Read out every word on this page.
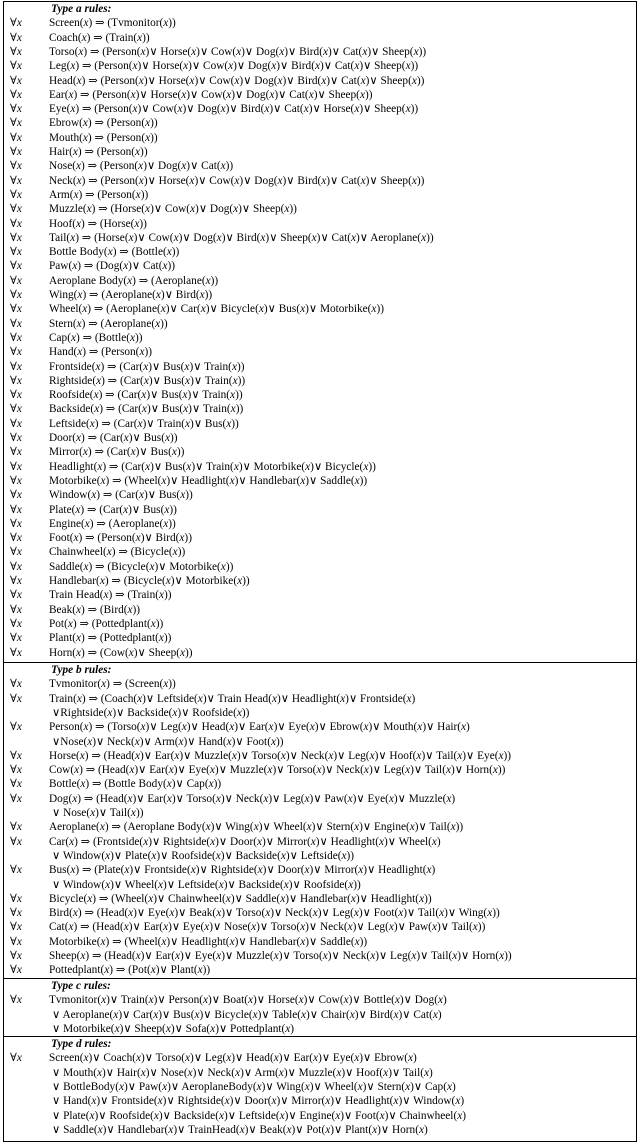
Type a rules:
∀x Screen(x) ⇒ (Tvmonitor(x))
∀x Coach(x) ⇒ (Train(x))
∀x Torso(x) ⇒ (Person(x)∨ Horse(x)∨ Cow(x)∨ Dog(x)∨ Bird(x)∨ Cat(x)∨ Sheep(x))
∀x Leg(x) ⇒ (Person(x)∨ Horse(x)∨ Cow(x)∨ Dog(x)∨ Bird(x)∨ Cat(x)∨ Sheep(x))
∀x Head(x) ⇒ (Person(x)∨ Horse(x)∨ Cow(x)∨ Dog(x)∨ Bird(x)∨ Cat(x)∨ Sheep(x))
∀x Ear(x) ⇒ (Person(x)∨ Horse(x)∨ Cow(x)∨ Dog(x)∨ Cat(x)∨ Sheep(x))
∀x Eye(x) ⇒ (Person(x)∨ Cow(x)∨ Dog(x)∨ Bird(x)∨ Cat(x)∨ Horse(x)∨ Sheep(x))
∀x Ebrow(x) ⇒ (Person(x))
∀x Mouth(x) ⇒ (Person(x))
∀x Hair(x) ⇒ (Person(x))
∀x Nose(x) ⇒ (Person(x)∨ Dog(x)∨ Cat(x))
∀x Neck(x) ⇒ (Person(x)∨ Horse(x)∨ Cow(x)∨ Dog(x)∨ Bird(x)∨ Cat(x)∨ Sheep(x))
∀x Arm(x) ⇒ (Person(x))
∀x Muzzle(x) ⇒ (Horse(x)∨ Cow(x)∨ Dog(x)∨ Sheep(x))
∀x Hoof(x) ⇒ (Horse(x))
∀x Tail(x) ⇒ (Horse(x)∨ Cow(x)∨ Dog(x)∨ Bird(x)∨ Sheep(x)∨ Cat(x)∨ Aeroplane(x))
∀x Bottle Body(x) ⇒ (Bottle(x))
∀x Paw(x) ⇒ (Dog(x)∨ Cat(x))
∀x Aeroplane Body(x) ⇒ (Aeroplane(x))
∀x Wing(x) ⇒ (Aeroplane(x)∨ Bird(x))
∀x Wheel(x) ⇒ (Aeroplane(x)∨ Car(x)∨ Bicycle(x)∨ Bus(x)∨ Motorbike(x))
∀x Stern(x) ⇒ (Aeroplane(x))
∀x Cap(x) ⇒ (Bottle(x))
∀x Hand(x) ⇒ (Person(x))
∀x Frontside(x) ⇒ (Car(x)∨ Bus(x)∨ Train(x))
∀x Rightside(x) ⇒ (Car(x)∨ Bus(x)∨ Train(x))
∀x Roofside(x) ⇒ (Car(x)∨ Bus(x)∨ Train(x))
∀x Backside(x) ⇒ (Car(x)∨ Bus(x)∨ Train(x))
∀x Leftside(x) ⇒ (Car(x)∨ Train(x)∨ Bus(x))
∀x Door(x) ⇒ (Car(x)∨ Bus(x))
∀x Mirror(x) ⇒ (Car(x)∨ Bus(x))
∀x Headlight(x) ⇒ (Car(x)∨ Bus(x)∨ Train(x)∨ Motorbike(x)∨ Bicycle(x))
∀x Motorbike(x) ⇒ (Wheel(x)∨ Headlight(x)∨ Handlebar(x)∨ Saddle(x))
∀x Window(x) ⇒ (Car(x)∨ Bus(x))
∀x Plate(x) ⇒ (Car(x)∨ Bus(x))
∀x Engine(x) ⇒ (Aeroplane(x))
∀x Foot(x) ⇒ (Person(x)∨ Bird(x))
∀x Chainwheel(x) ⇒ (Bicycle(x))
∀x Saddle(x) ⇒ (Bicycle(x)∨ Motorbike(x))
∀x Handlebar(x) ⇒ (Bicycle(x)∨ Motorbike(x))
∀x Train Head(x) ⇒ (Train(x))
∀x Beak(x) ⇒ (Bird(x))
∀x Pot(x) ⇒ (Pottedplant(x))
∀x Plant(x) ⇒ (Pottedplant(x))
∀x Horn(x) ⇒ (Cow(x)∨ Sheep(x))
Type b rules:
∀x Tvmonitor(x) ⇒ (Screen(x))
∀x Train(x) ⇒ (Coach(x)∨ Leftside(x)∨ Train Head(x)∨ Headlight(x)∨ Frontside(x)
∨Rightside(x)∨ Backside(x)∨ Roofside(x))
∀x Person(x) ⇒ (Torso(x)∨ Leg(x)∨ Head(x)∨ Ear(x)∨ Eye(x)∨ Ebrow(x)∨ Mouth(x)∨ Hair(x)
∨Nose(x)∨ Neck(x)∨ Arm(x)∨ Hand(x)∨ Foot(x))
∀x Horse(x) ⇒ (Head(x)∨ Ear(x)∨ Muzzle(x)∨ Torso(x)∨ Neck(x)∨ Leg(x)∨ Hoof(x)∨ Tail(x)∨ Eye(x))
∀x Cow(x) ⇒ (Head(x)∨ Ear(x)∨ Eye(x)∨ Muzzle(x)∨ Torso(x)∨ Neck(x)∨ Leg(x)∨ Tail(x)∨ Horn(x))
∀x Bottle(x) ⇒ (Bottle Body(x)∨ Cap(x))
∀x Dog(x) ⇒ (Head(x)∨ Ear(x)∨ Torso(x)∨ Neck(x)∨ Leg(x)∨ Paw(x)∨ Eye(x)∨ Muzzle(x)
∨ Nose(x)∨ Tail(x))
∀x Aeroplane(x) ⇒ (Aeroplane Body(x)∨ Wing(x)∨ Wheel(x)∨ Stern(x)∨ Engine(x)∨ Tail(x))
∀x Car(x) ⇒ (Frontside(x)∨ Rightside(x)∨ Door(x)∨ Mirror(x)∨ Headlight(x)∨ Wheel(x)
∨ Window(x)∨ Plate(x)∨ Roofside(x)∨ Backside(x)∨ Leftside(x))
∀x Bus(x) ⇒ (Plate(x)∨ Frontside(x)∨ Rightside(x)∨ Door(x)∨ Mirror(x)∨ Headlight(x)
∨ Window(x)∨ Wheel(x)∨ Leftside(x)∨ Backside(x)∨ Roofside(x))
∀x Bicycle(x) ⇒ (Wheel(x)∨ Chainwheel(x)∨ Saddle(x)∨ Handlebar(x)∨ Headlight(x))
∀x Bird(x) ⇒ (Head(x)∨ Eye(x)∨ Beak(x)∨ Torso(x)∨ Neck(x)∨ Leg(x)∨ Foot(x)∨ Tail(x)∨ Wing(x))
∀x Cat(x) ⇒ (Head(x)∨ Ear(x)∨ Eye(x)∨ Nose(x)∨ Torso(x)∨ Neck(x)∨ Leg(x)∨ Paw(x)∨ Tail(x))
∀x Motorbike(x) ⇒ (Wheel(x)∨ Headlight(x)∨ Handlebar(x)∨ Saddle(x))
∀x Sheep(x) ⇒ (Head(x)∨ Ear(x)∨ Eye(x)∨ Muzzle(x)∨ Torso(x)∨ Neck(x)∨ Leg(x)∨ Tail(x)∨ Horn(x))
∀x Pottedplant(x) ⇒ (Pot(x)∨ Plant(x))
Type c rules:
∀x Tvmonitor(x)∨ Train(x)∨ Person(x)∨ Boat(x)∨ Horse(x)∨ Cow(x)∨ Bottle(x)∨ Dog(x)
∨ Aeroplane(x)∨ Car(x)∨ Bus(x)∨ Bicycle(x)∨ Table(x)∨ Chair(x)∨ Bird(x)∨ Cat(x)
∨ Motorbike(x)∨ Sheep(x)∨ Sofa(x)∨ Pottedplant(x)
Type d rules:
∀x Screen(x)∨ Coach(x)∨ Torso(x)∨ Leg(x)∨ Head(x)∨ Ear(x)∨ Eye(x)∨ Ebrow(x)
∨ Mouth(x)∨ Hair(x)∨ Nose(x)∨ Neck(x)∨ Arm(x)∨ Muzzle(x)∨ Hoof(x)∨ Tail(x)
∨ BottleBody(x)∨ Paw(x)∨ AeroplaneBody(x)∨ Wing(x)∨ Wheel(x)∨ Stern(x)∨ Cap(x)
∨ Hand(x)∨ Frontside(x)∨ Rightside(x)∨ Door(x)∨ Mirror(x)∨ Headlight(x)∨ Window(x)
∨ Plate(x)∨ Roofside(x)∨ Backside(x)∨ Leftside(x)∨ Engine(x)∨ Foot(x)∨ Chainwheel(x)
∨ Saddle(x)∨ Handlebar(x)∨ TrainHead(x)∨ Beak(x)∨ Pot(x)∨ Plant(x)∨ Horn(x)
